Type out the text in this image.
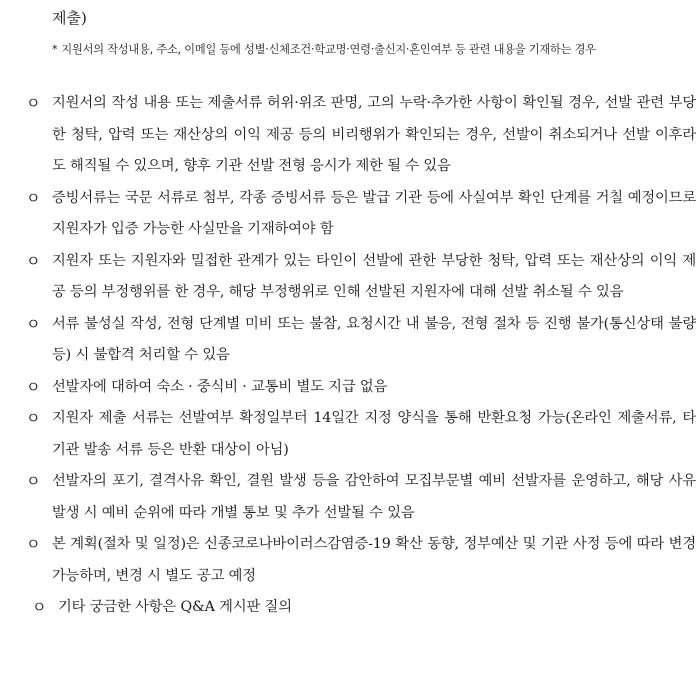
제출)
* 지원서의 작성내용, 주소, 이메일 등에 성별·신체조건·학교명·연령·출신지·혼인여부 등 관련 내용을 기재하는 경우
ㅇ 지원서의 작성 내용 또는 제출서류 허위·위조 판명, 고의 누락·추가한 사항이 확인될 경우, 선발 관련 부당한 청탁, 압력 또는 재산상의 이익 제공 등의 비리행위가 확인되는 경우, 선발이 취소되거나 선발 이후라도 해직될 수 있으며, 향후 기관 선발 전형 응시가 제한 될 수 있음
ㅇ 증빙서류는 국문 서류로 첨부, 각종 증빙서류 등은 발급 기관 등에 사실여부 확인 단계를 거칠 예정이므로 지원자가 입증 가능한 사실만을 기재하여야 함
ㅇ 지원자 또는 지원자와 밀접한 관계가 있는 타인이 선발에 관한 부당한 청탁, 압력 또는 재산상의 이익 제공 등의 부정행위를 한 경우, 해당 부정행위로 인해 선발된 지원자에 대해 선발 취소될 수 있음
ㅇ 서류 불성실 작성, 전형 단계별 미비 또는 불참, 요청시간 내 불응, 전형 절차 등 진행 불가(통신상태 불량 등) 시 불합격 처리할 수 있음
ㅇ 선발자에 대하여 숙소 · 중식비 · 교통비 별도 지급 없음
ㅇ 지원자 제출 서류는 선발여부 확정일부터 14일간 지정 양식을 통해 반환요청 가능(온라인 제출서류, 타 기관 발송 서류 등은 반환 대상이 아님)
ㅇ 선발자의 포기, 결격사유 확인, 결원 발생 등을 감안하여 모집부문별 예비 선발자를 운영하고, 해당 사유 발생 시 예비 순위에 따라 개별 통보 및 추가 선발될 수 있음
ㅇ 본 계획(절차 및 일정)은 신종코로나바이러스감염증-19 확산 동향, 정부예산 및 기관 사정 등에 따라 변경 가능하며, 변경 시 별도 공고 예정
ㅇ 기타 궁금한 사항은 Q&A 게시판 질의
